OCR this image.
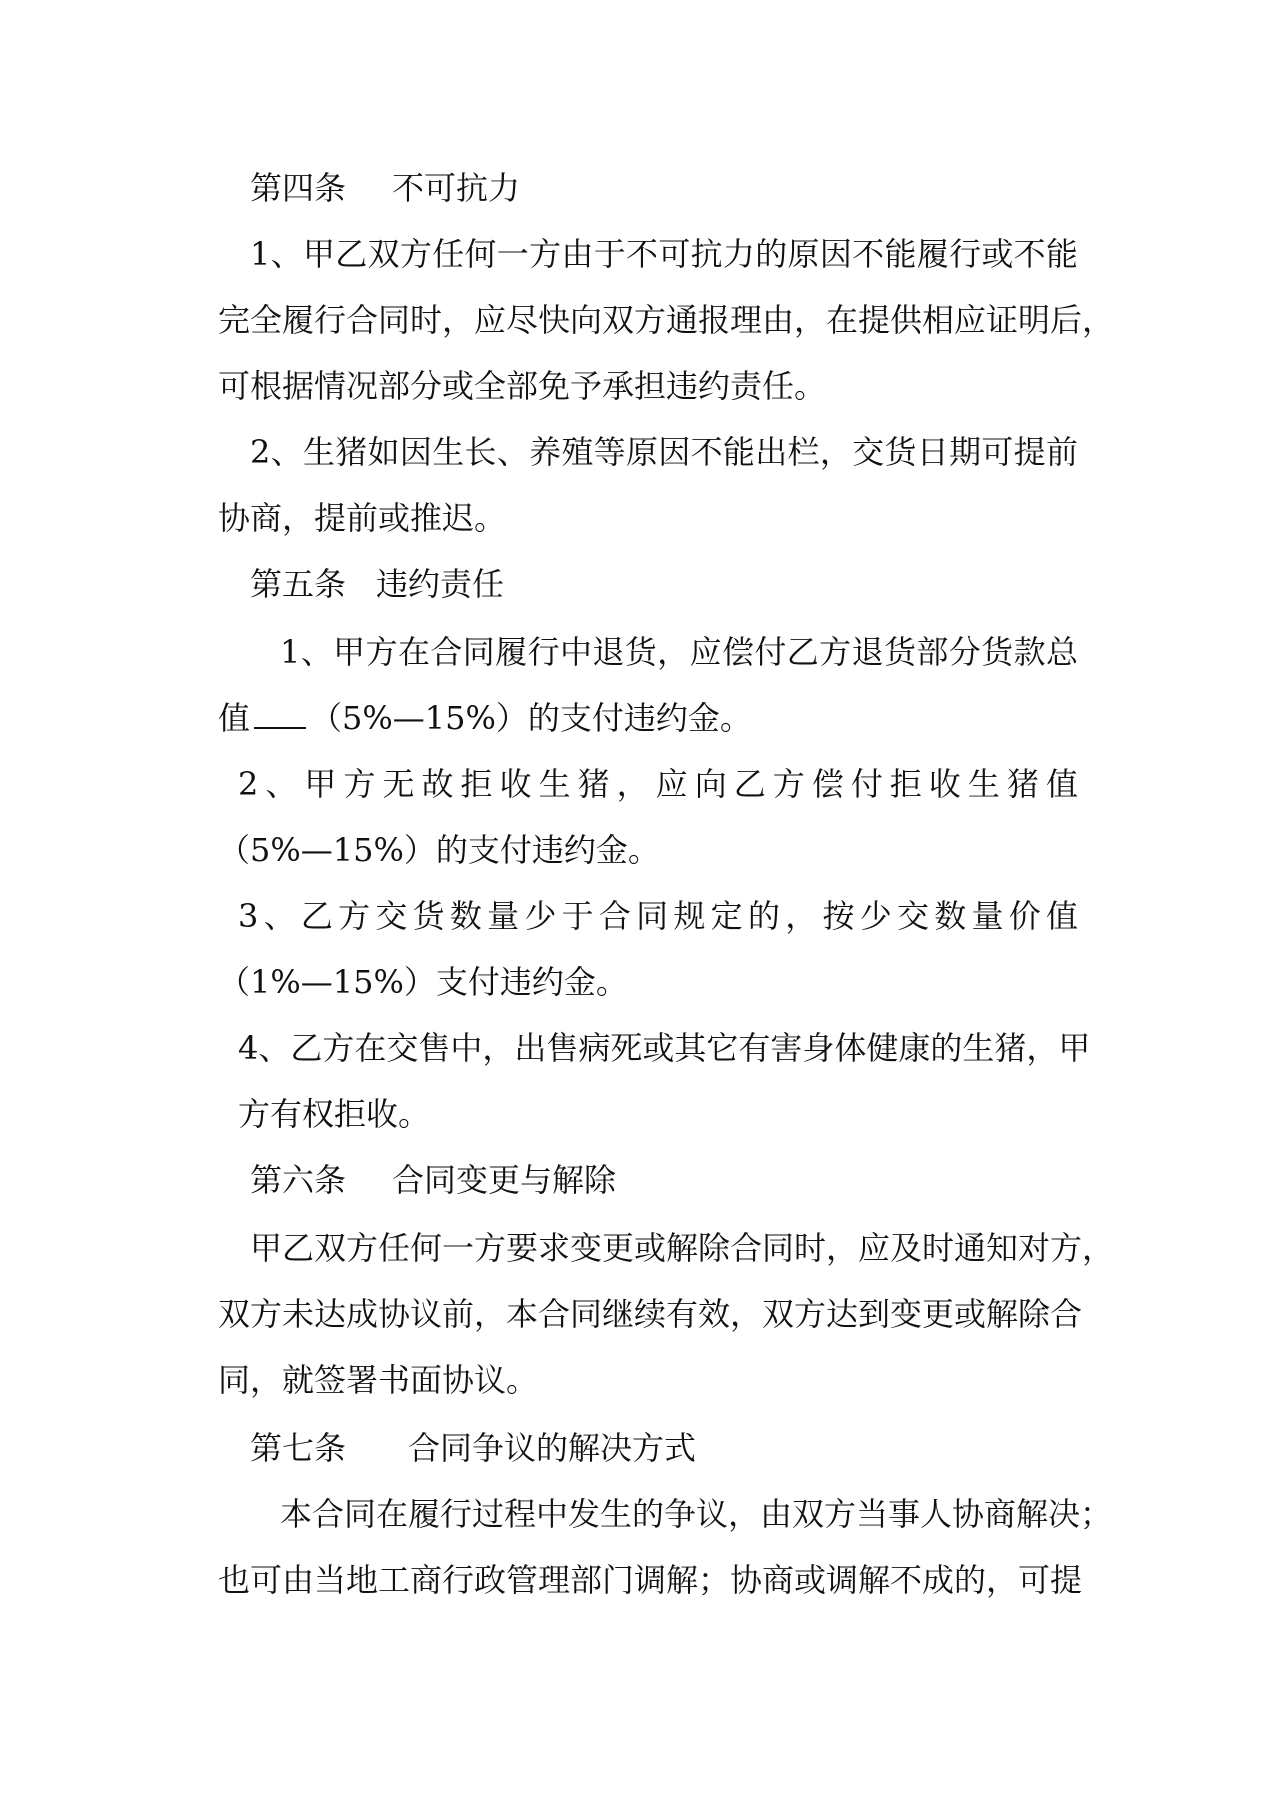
第四条 不可抗力
1、甲乙双方任何一方由于不可抗力的原因不能履行或不能
完全履行合同时，应尽快向双方通报理由，在提供相应证明后，
可根据情况部分或全部免予承担违约责任。
2、生猪如因生长、养殖等原因不能出栏，交货日期可提前
协商，提前或推迟。
第五条 违约责任
1、甲方在合同履行中退货，应偿付乙方退货部分货款总
值 （5%—15%）的支付违约金。
2、甲方无故拒收生猪，应向乙方偿付拒收生猪值
（5%—15%）的支付违约金。
3、乙方交货数量少于合同规定的，按少交数量价值
（1%—15%）支付违约金。
4、乙方在交售中，出售病死或其它有害身体健康的生猪，甲
方有权拒收。
第六条 合同变更与解除
甲乙双方任何一方要求变更或解除合同时，应及时通知对方，
双方未达成协议前，本合同继续有效，双方达到变更或解除合
同，就签署书面协议。
第七条 合同争议的解决方式
本合同在履行过程中发生的争议，由双方当事人协商解决；
也可由当地工商行政管理部门调解；协商或调解不成的，可提
